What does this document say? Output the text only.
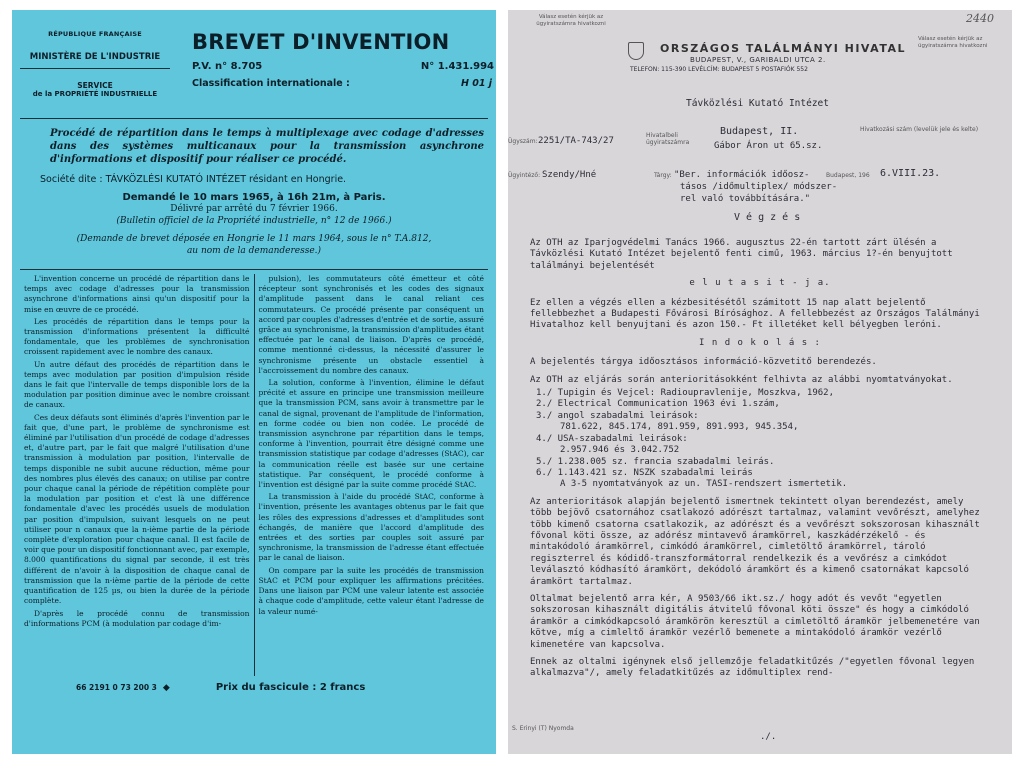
RÉPUBLIQUE FRANÇAISE
MINISTÈRE DE L'INDUSTRIE
SERVICE
de la PROPRIÉTÉ INDUSTRIELLE
BREVET D'INVENTION
P.V. n° 8.705	N° 1.431.994
Classification internationale :	H 01 j
Procédé de répartition dans le temps à multiplexage avec codage d'adresses dans des systèmes multicanaux pour la transmission asynchrone d'informations et dispositif pour réaliser ce procédé.
Société dite : TÁVKÖZLÉSI KUTATÓ INTÉZET résidant en Hongrie.
Demandé le 10 mars 1965, à 16h 21m, à Paris.
Délivré par arrêté du 7 février 1966.
(Bulletin officiel de la Propriété industrielle, n° 12 de 1966.)
(Demande de brevet déposée en Hongrie le 11 mars 1964, sous le n° T.A.812,
au nom de la demanderesse.)

L'invention concerne un procédé de répartition dans le temps avec codage d'adresses pour la transmission asynchrone d'informations ainsi qu'un dispositif pour la mise en œuvre de ce procédé.

Les procédés de répartition dans le temps pour la transmission d'informations présentent la difficulté fondamentale, que les problèmes de synchronisation croissent rapidement avec le nombre des canaux.

Un autre défaut des procédés de répartition dans le temps avec modulation par position d'impulsion réside dans le fait que l'intervalle de temps disponible lors de la modulation par position diminue avec le nombre croissant de canaux.

Ces deux défauts sont éliminés d'après l'invention par le fait que, d'une part, le problème de synchronisme est éliminé par l'utilisation d'un procédé de codage d'adresses et, d'autre part, par le fait que malgré l'utilisation d'une transmission à modulation par position, l'intervalle de temps disponible ne subit aucune réduction, même pour des nombres plus élevés des canaux; on utilise par contre pour chaque canal la période de répétition complète pour la modulation par position et c'est là une différence fondamentale d'avec les procédés usuels de modulation par position d'impulsion, suivant lesquels on ne peut utiliser pour n canaux que la n-ième partie de la période complète d'exploration pour chaque canal. Il est facile de voir que pour un dispositif fonctionnant avec, par exemple, 8.000 quantifications du signal par seconde, il est très différent de n'avoir à la disposition de chaque canal de transmission que la n-ième partie de la période de cette quantification de 125 µs, ou bien la durée de la période complète.

D'après le procédé connu de transmission d'informations PCM (à modulation par codage d'im-

pulsion), les commutateurs côté émetteur et côté récepteur sont synchronisés et les codes des signaux d'amplitude passent dans le canal reliant ces commutateurs. Ce procédé présente par conséquent un accord par couples d'adresses d'entrée et de sortie, assuré grâce au synchronisme, la transmission d'amplitudes étant effectuée par le canal de liaison. D'après ce procédé, comme mentionné ci-dessus, la nécessité d'assurer le synchronisme présente un obstacle essentiel à l'accroissement du nombre des canaux.

La solution, conforme à l'invention, élimine le défaut précité et assure en principe une transmission meilleure que la transmission PCM, sans avoir à transmettre par le canal de signal, provenant de l'amplitude de l'information, en forme codée ou bien non codée. Le procédé de transmission asynchrone par répartition dans le temps, conforme à l'invention, pourrait être désigné comme une transmission statistique par codage d'adresses (StAC), car la communication réelle est basée sur une certaine statistique. Par conséquent, le procédé conforme à l'invention est désigné par la suite comme procédé StAC.

La transmission à l'aide du procédé StAC, conforme à l'invention, présente les avantages obtenus par le fait que les rôles des expressions d'adresses et d'amplitudes sont échangés, de manière que l'accord d'amplitude des entrées et des sorties par couples soit assuré par synchronisme, la transmission de l'adresse étant effectuée par le canal de liaison.

On compare par la suite les procédés de transmission StAC et PCM pour expliquer les affirmations précitées. Dans une liaison par PCM une valeur latente est associée à chaque code d'amplitude, cette valeur étant l'adresse de la valeur numé-

66 2191 0 73 200 3 ◆	Prix du fascicule : 2 francs
Válasz esetén kérjük az ügyiratszámra hivatkozni
ORSZÁGOS TALÁLMÁNYI HIVATAL
BUDAPEST, V., GARIBALDI UTCA 2.
TELEFON: 115-390 LEVÉLCÍM: BUDAPEST 5 POSTAFIÓK 552
Válasz esetén kérjük az ügyiratszámra hivatkozni
2440
Távközlési Kutató Intézet
Ügyszám: 2251/TA-743/27
Hivatalbeli ügyiratszámra
Budapest, II.
Gábor Áron ut 65.sz.
Hivatkozási szám (levelük jele és kelte)
Ügyintéző: Szendy/Hné	Tárgy: "Ber. információk időosz-
tásos /időmultiplex/ módszer-
rel való továbbítására."
Budapest, 196 6.VIII.23.
V é g z é s

Az OTH az Iparjogvédelmi Tanács 1966. augusztus 22-én tartott zárt ülésén a Távközlési Kutató Intézet bejelentő fenti cimű, 1963. március 1?-én benyujtott találmányi bejelentését

e l u t a s i t - j a.

Ez ellen a végzés ellen a kézbesitésétől számitott 15 nap alatt bejelentő fellebbezhet a Budapesti Fővárosi Bírósághoz. A fellebbezést az Országos Találmányi Hivatalhoz kell benyujtani és azon 150.- Ft illetéket kell bélyegben leróni.

I n d o k o l á s :

A bejelentés tárgya időosztásos információ-közvetitő berendezés.

Az OTH az eljárás során anterioritásokként felhivta az alábbi nyomtatványokat.

1./ Tupigin és Vejcel: Radioupravlenije, Moszkva, 1962,
2./ Electrical Communication 1963 évi 1.szám,
3./ angol szabadalmi leirások:
781.622, 845.174, 891.959, 891.993, 945.354,
4./ USA-szabadalmi leirások:
2.957.946 és 3.042.752
5./ 1.238.005 sz. francia szabadalmi leirás.
6./ 1.143.421 sz. NSZK szabadalmi leirás
A 3-5 nyomtatványok az un. TASI-rendszert ismertetik.

Az anterioritások alapján bejelentő ismertnek tekintett olyan berendezést, amely több bejövő csatornához csatlakozó adórészt tartalmaz, valamint vevőrészt, amelyhez több kimenő csatorna csatlakozik, az adórészt és a vevőrészt sokszorosan kihasznált fővonal köti össze, az adórész mintavevő áramkörrel, kaszkádérzékelő - és mintakódoló áramkörrel, cimkódó áramkörrel, cimletöltő áramkörrel, tároló regiszterrel és kódidő-transzformátorral rendelkezik és a vevőrész a cimkódot leválasztó kódhasító áramkört, dekódoló áramkört és a kimenő csatornákat kapcsoló áramkört tartalmaz.

Oltalmat bejelentő arra kér, A 9503/66 ikt.sz./ hogy adót és vevőt "egyetlen sokszorosan kihasznált digitális átvitelű fővonal köti össze" és hogy a cimkódoló áramkör a cimkódkapcsoló áramkörön keresztül a cimletöltő áramkör jelbemenetére van kötve, míg a cimleltő áramkör vezérlő bemenete a mintakódoló áramkör vezérlő kimenetére van kapcsolva.

Ennek az oltalmi igénynek első jellemzője feladatkitűzés /"egyetlen fővonal legyen alkalmazva"/, amely feladatkitűzés az időmultiplex rend-

S. Erinyi (T) Nyomda
./.
